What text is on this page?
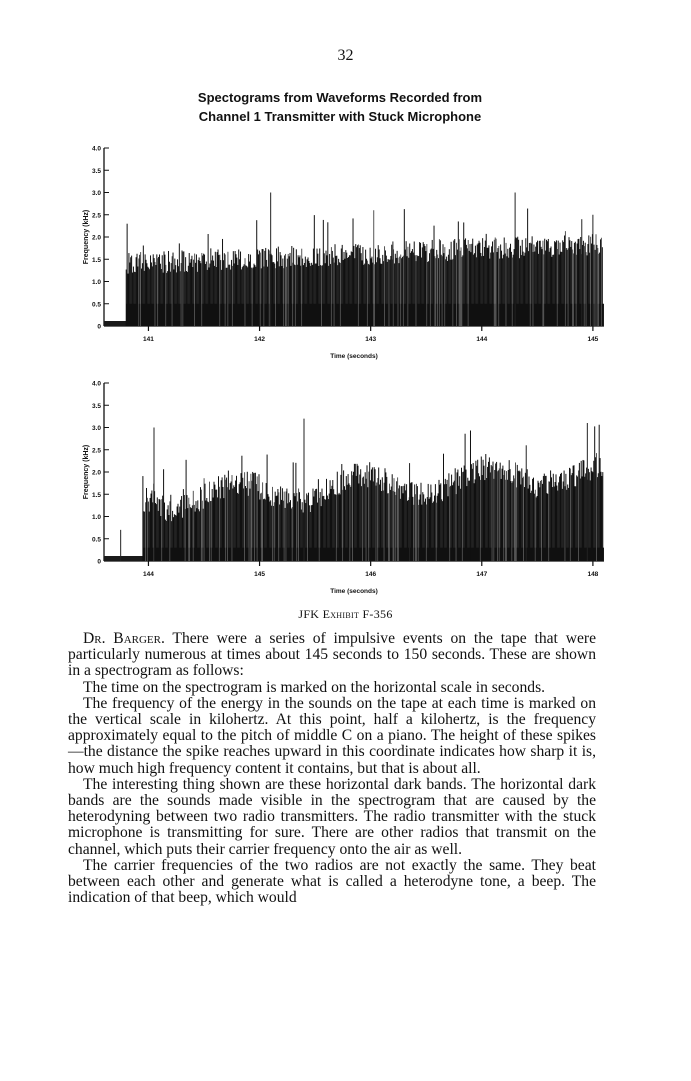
32
Spectograms from Waveforms Recorded from
Channel 1 Transmitter with Stuck Microphone
0
0.5
1.0
1.5
2.0
2.5
3.0
3.5
4.0
Frequency (kHz)
141	142	143	144	145
Time (seconds)
0
0.5
1.0
1.5
2.0
2.5
3.0
3.5
4.0
Frequency (kHz)
144	145	146	147	148
Time (seconds)
JFK Exhibit F-356

Dr. Barger. There were a series of impulsive events on the tape that were particularly numerous at times about 145 seconds to 150 seconds. These are shown in a spectrogram as follows:

The time on the spectrogram is marked on the horizontal scale in seconds.

The frequency of the energy in the sounds on the tape at each time is marked on the vertical scale in kilohertz. At this point, half a kilohertz, is the frequency approximately equal to the pitch of middle C on a piano. The height of these spikes—the distance the spike reaches upward in this coordinate indicates how sharp it is, how much high frequency content it contains, but that is about all.

The interesting thing shown are these horizontal dark bands. The horizontal dark bands are the sounds made visible in the spectrogram that are caused by the heterodyning between two radio transmitters. The radio transmitter with the stuck microphone is transmitting for sure. There are other radios that transmit on the channel, which puts their carrier frequency onto the air as well.

The carrier frequencies of the two radios are not exactly the same. They beat between each other and generate what is called a heterodyne tone, a beep. The indication of that beep, which would
